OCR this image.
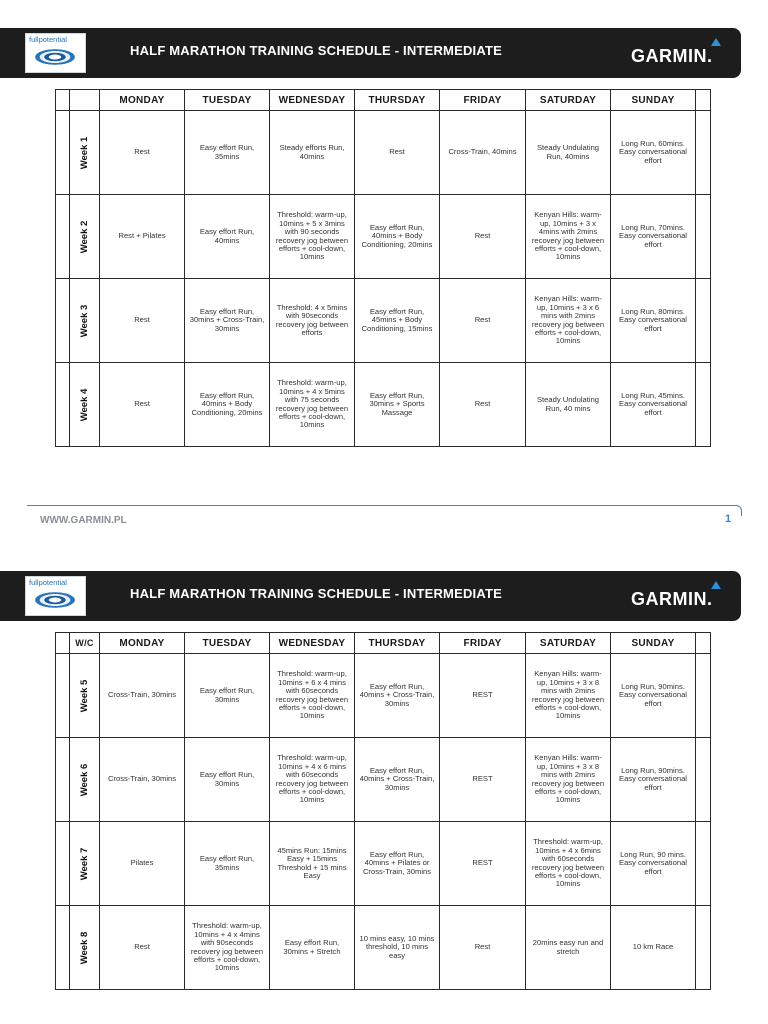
fullpotential
HALF MARATHON TRAINING SCHEDULE - INTERMEDIATE	GARMIN.
		MONDAY	TUESDAY	WEDNESDAY	THURSDAY	FRIDAY	SATURDAY	SUNDAY	

	Week 1	Rest	Easy effort Run, 35mins	Steady efforts Run, 40mins	Rest	Cross-Train, 40mins	Steady Undulating Run, 40mins	Long Run, 60mins. Easy conversational effort	

	Week 2	Rest + Pilates	Easy effort Run, 40mins	Threshold: warm-up, 10mins + 5 x 3mins with 90 seconds recovery jog between efforts + cool-down, 10mins	Easy effort Run, 40mins + Body Conditioning, 20mins	Rest	Kenyan Hills: warm-up, 10mins + 3 x 4mins with 2mins recovery jog between efforts + cool-down, 10mins	Long Run, 70mins. Easy conversational effort	

	Week 3	Rest	Easy effort Run, 30mins + Cross-Train, 30mins	Threshold: 4 x 5mins with 90seconds recovery jog between efforts	Easy effort Run, 45mins + Body Conditioning, 15mins	Rest	Kenyan Hills: warm-up, 10mins + 3 x 6 mins with 2mins recovery jog between efforts + cool-down, 10mins	Long Run, 80mins. Easy conversational effort	

	Week 4	Rest	Easy effort Run, 40mins + Body Conditioning, 20mins	Threshold: warm-up, 10mins + 4 x 5mins with 75 seconds recovery jog between efforts + cool-down, 10mins	Easy effort Run, 30mins + Sports Massage	Rest	Steady Undulating Run, 40 mins	Long Run, 45mins. Easy conversational effort	

WWW.GARMIN.PL	1
fullpotential
HALF MARATHON TRAINING SCHEDULE - INTERMEDIATE	GARMIN.
	W/C	MONDAY	TUESDAY	WEDNESDAY	THURSDAY	FRIDAY	SATURDAY	SUNDAY	

	Week 5	Cross-Train, 30mins	Easy effort Run, 30mins	Threshold: warm-up, 10mins + 6 x 4 mins with 60seconds recovery jog between efforts + cool-down, 10mins	Easy effort Run, 40mins + Cross-Train, 30mins	REST	Kenyan Hills: warm-up, 10mins + 3 x 8 mins with 2mins recovery jog between efforts + cool-down, 10mins	Long Run, 90mins. Easy conversational effort	

	Week 6	Cross-Train, 30mins	Easy effort Run, 30mins	Threshold: warm-up, 10mins + 4 x 6 mins with 60seconds recovery jog between efforts + cool-down, 10mins	Easy effort Run, 40mins + Cross-Train, 30mins	REST	Kenyan Hills: warm-up, 10mins + 3 x 8 mins with 2mins recovery jog between efforts + cool-down, 10mins	Long Run, 90mins. Easy conversational effort	

	Week 7	Pilates	Easy effort Run, 35mins	45mins Run: 15mins Easy + 15mins Threshold + 15 mins Easy	Easy effort Run, 40mins + Pilates or Cross-Train, 30mins	REST	Threshold: warm-up, 10mins + 4 x 6mins with 60seconds recovery jog between efforts + cool-down, 10mins	Long Run, 90 mins. Easy conversational effort	

	Week 8	Rest	Threshold: warm-up, 10mins + 4 x 4mins with 90seconds recovery jog between efforts + cool-down, 10mins	Easy effort Run, 30mins + Stretch	10 mins easy, 10 mins threshold, 10 mins easy	Rest	20mins easy run and stretch	10 km Race	
